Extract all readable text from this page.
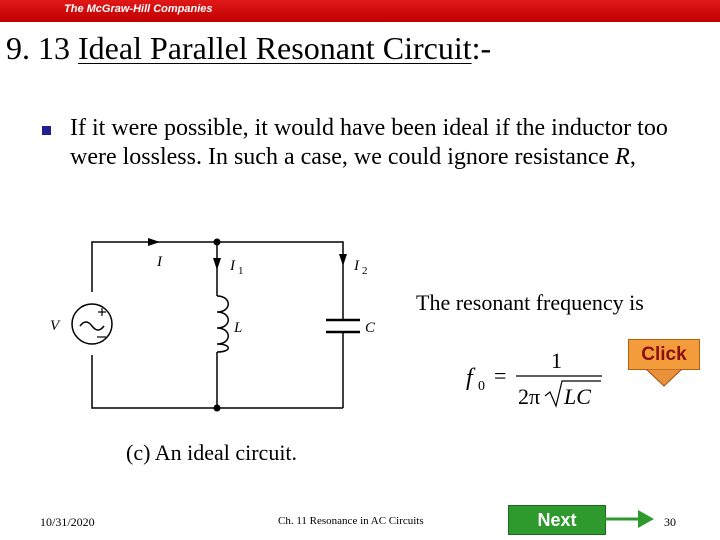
The McGraw-Hill Companies
9. 13 Ideal Parallel Resonant Circuit:-
If it were possible, it would have been ideal if the inductor too were lossless. In such a case, we could ignore resistance R,
V
I	I 1	I 2
L	C
f 0 =
1
2π LC
The resonant frequency is
Click
(c) An ideal circuit.
10/31/2020	Ch. 11 Resonance in AC Circuits	Next	30
